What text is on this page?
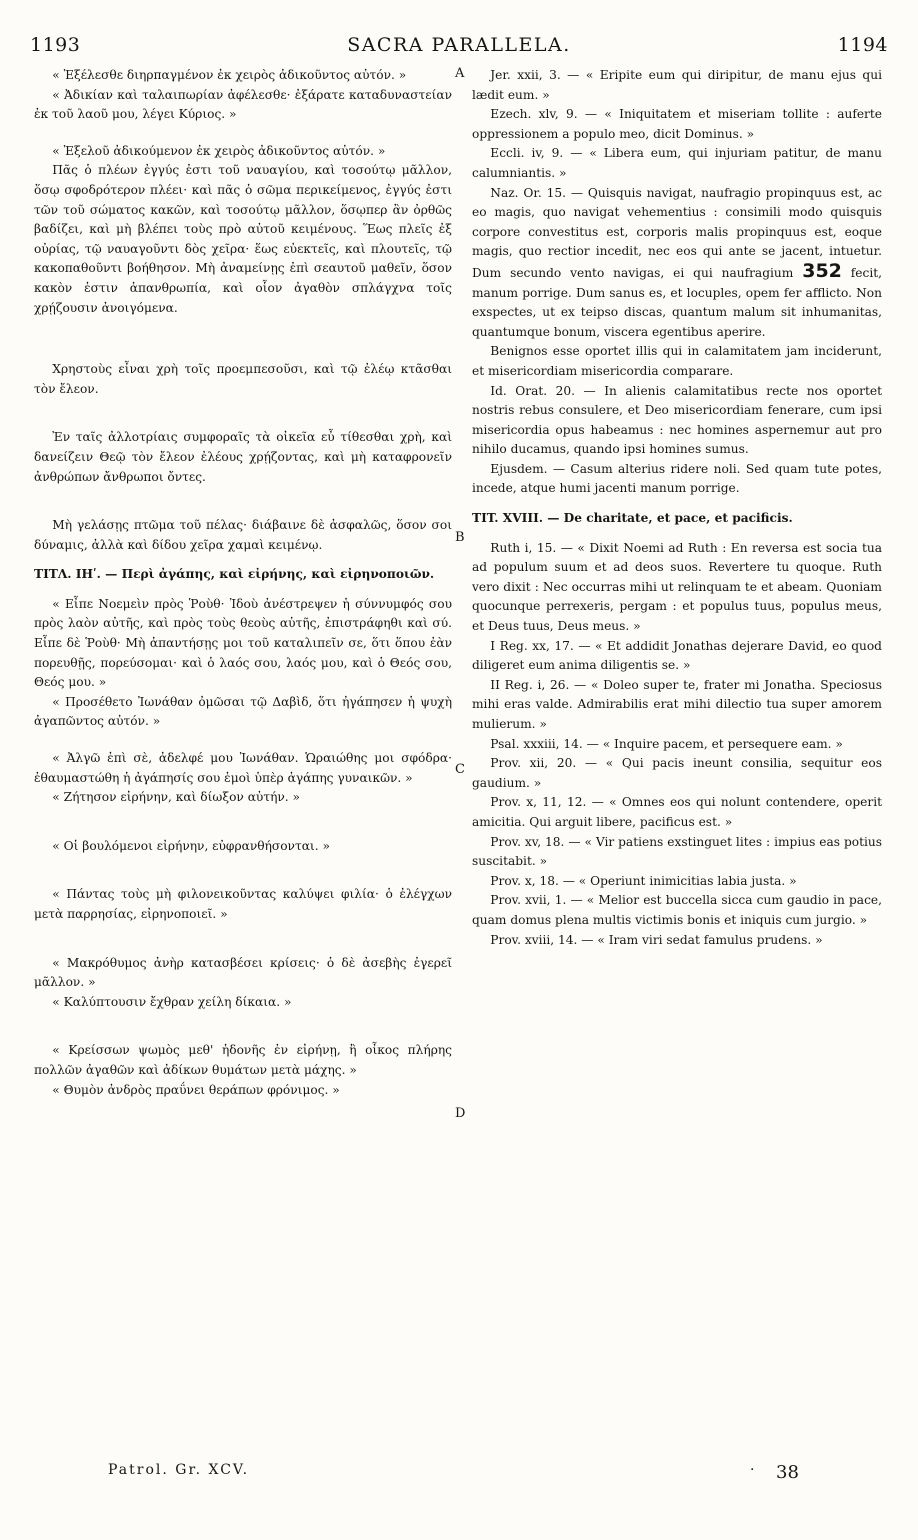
1193	SACRA PARALLELA.	1194
A
B
C
D

« Ἐξέλεσθε διηρπαγμένον ἐκ χειρὸς ἀδικοῦντος αὐτόν. »

« Ἀδικίαν καὶ ταλαιπωρίαν ἀφέλεσθε· ἐξάρατε καταδυναστείαν ἐκ τοῦ λαοῦ μου, λέγει Κύριος. »

« Ἐξελοῦ ἀδικούμενον ἐκ χειρὸς ἀδικοῦντος αὐτόν. »

Πᾶς ὁ πλέων ἐγγύς ἐστι τοῦ ναυαγίου, καὶ τοσούτῳ μᾶλλον, ὅσῳ σφοδρότερον πλέει· καὶ πᾶς ὁ σῶμα περικείμενος, ἐγγύς ἐστι τῶν τοῦ σώματος κακῶν, καὶ τοσούτῳ μᾶλλον, ὅσῳπερ ἂν ὀρθῶς βαδίζει, καὶ μὴ βλέπει τοὺς πρὸ αὐτοῦ κειμένους. Ἕως πλεῖς ἐξ οὐρίας, τῷ ναυαγοῦντι δὸς χεῖρα· ἕως εὐεκτεῖς, καὶ πλουτεῖς, τῷ κακοπαθοῦντι βοήθησον. Μὴ ἀναμείνῃς ἐπὶ σεαυτοῦ μαθεῖν, ὅσον κακὸν ἐστιν ἀπανθρωπία, καὶ οἷον ἀγαθὸν σπλάγχνα τοῖς χρῄζουσιν ἀνοιγόμενα.

Χρηστοὺς εἶναι χρὴ τοῖς προεμπεσοῦσι, καὶ τῷ ἐλέῳ κτᾶσθαι τὸν ἔλεον.

Ἐν ταῖς ἀλλοτρίαις συμφοραῖς τὰ οἰκεῖα εὖ τίθεσθαι χρὴ, καὶ δανείζειν Θεῷ τὸν ἔλεον ἐλέους χρῄζοντας, καὶ μὴ καταφρονεῖν ἀνθρώπων ἄνθρωποι ὄντες.

Μὴ γελάσῃς πτῶμα τοῦ πέλας· διάβαινε δὲ ἀσφαλῶς, ὅσον σοι δύναμις, ἀλλὰ καὶ δίδου χεῖρα χαμαὶ κειμένῳ.

ΤΙΤΛ. ΙΗʹ. — Περὶ ἀγάπης, καὶ εἰρήνης, καὶ εἰρηνοποιῶν.

« Εἶπε Νοεμεὶν πρὸς Ῥοὺθ· Ἰδοὺ ἀνέστρεψεν ἡ σύννυμφός σου πρὸς λαὸν αὐτῆς, καὶ πρὸς τοὺς θεοὺς αὐτῆς, ἐπιστράφηθι καὶ σύ. Εἶπε δὲ Ῥοὺθ· Μὴ ἀπαντήσῃς μοι τοῦ καταλιπεῖν σε, ὅτι ὅπου ἐὰν πορευθῇς, πορεύσομαι· καὶ ὁ λαός σου, λαός μου, καὶ ὁ Θεός σου, Θεός μου. »

« Προσέθετο Ἰωνάθαν ὀμῶσαι τῷ Δαβὶδ, ὅτι ἠγάπησεν ἡ ψυχὴ ἀγαπῶντος αὐτόν. »

« Ἀλγῶ ἐπὶ σὲ, ἀδελφέ μου Ἰωνάθαν. Ὡραιώθης μοι σφόδρα· ἐθαυμαστώθη ἡ ἀγάπησίς σου ἐμοὶ ὑπὲρ ἀγάπης γυναικῶν. »

« Ζήτησον εἰρήνην, καὶ δίωξον αὐτήν. »

« Οἱ βουλόμενοι εἰρήνην, εὐφρανθήσονται. »

« Πάντας τοὺς μὴ φιλονεικοῦντας καλύψει φιλία· ὁ ἐλέγχων μετὰ παρρησίας, εἰρηνοποιεῖ. »

« Μακρόθυμος ἀνὴρ κατασβέσει κρίσεις· ὁ δὲ ἀσεβὴς ἐγερεῖ μᾶλλον. »

« Καλύπτουσιν ἔχθραν χείλη δίκαια. »

« Κρείσσων ψωμὸς μεθ' ἡδονῆς ἐν εἰρήνῃ, ἢ οἶκος πλήρης πολλῶν ἀγαθῶν καὶ ἀδίκων θυμάτων μετὰ μάχης. »

« Θυμὸν ἀνδρὸς πραΰνει θεράπων φρόνιμος. »

Jer. xxii, 3. — « Eripite eum qui diripitur, de manu ejus qui lædit eum. »

Ezech. xlv, 9. — « Iniquitatem et miseriam tollite : auferte oppressionem a populo meo, dicit Dominus. »

Eccli. iv, 9. — « Libera eum, qui injuriam patitur, de manu calumniantis. »

Naz. Or. 15. — Quisquis navigat, naufragio propinquus est, ac eo magis, quo navigat vehementius : consimili modo quisquis corpore convestitus est, corporis malis propinquus est, eoque magis, quo rectior incedit, nec eos qui ante se jacent, intuetur. Dum secundo vento navigas, ei qui naufragium 352 fecit, manum porrige. Dum sanus es, et locuples, opem fer afflicto. Non exspectes, ut ex teipso discas, quantum malum sit inhumanitas, quantumque bonum, viscera egentibus aperire.

Benignos esse oportet illis qui in calamitatem jam inciderunt, et misericordiam misericordia comparare.

Id. Orat. 20. — In alienis calamitatibus recte nos oportet nostris rebus consulere, et Deo misericordiam fenerare, cum ipsi misericordia opus habeamus : nec homines aspernemur aut pro nihilo ducamus, quando ipsi homines sumus.

Ejusdem. — Casum alterius ridere noli. Sed quam tute potes, incede, atque humi jacenti manum porrige.

TIT. XVIII. — De charitate, et pace, et pacificis.

Ruth i, 15. — « Dixit Noemi ad Ruth : En reversa est socia tua ad populum suum et ad deos suos. Revertere tu quoque. Ruth vero dixit : Nec occurras mihi ut relinquam te et abeam. Quoniam quocunque perrexeris, pergam : et populus tuus, populus meus, et Deus tuus, Deus meus. »

I Reg. xx, 17. — « Et addidit Jonathas dejerare David, eo quod diligeret eum anima diligentis se. »

II Reg. i, 26. — « Doleo super te, frater mi Jonatha. Speciosus mihi eras valde. Admirabilis erat mihi dilectio tua super amorem mulierum. »

Psal. xxxiii, 14. — « Inquire pacem, et persequere eam. »

Prov. xii, 20. — « Qui pacis ineunt consilia, sequitur eos gaudium. »

Prov. x, 11, 12. — « Omnes eos qui nolunt contendere, operit amicitia. Qui arguit libere, pacificus est. »

Prov. xv, 18. — « Vir patiens exstinguet lites : impius eas potius suscitabit. »

Prov. x, 18. — « Operiunt inimicitias labia justa. »

Prov. xvii, 1. — « Melior est buccella sicca cum gaudio in pace, quam domus plena multis victimis bonis et iniquis cum jurgio. »

Prov. xviii, 14. — « Iram viri sedat famulus prudens. »

Patrol. Gr. XCV.	· 38
